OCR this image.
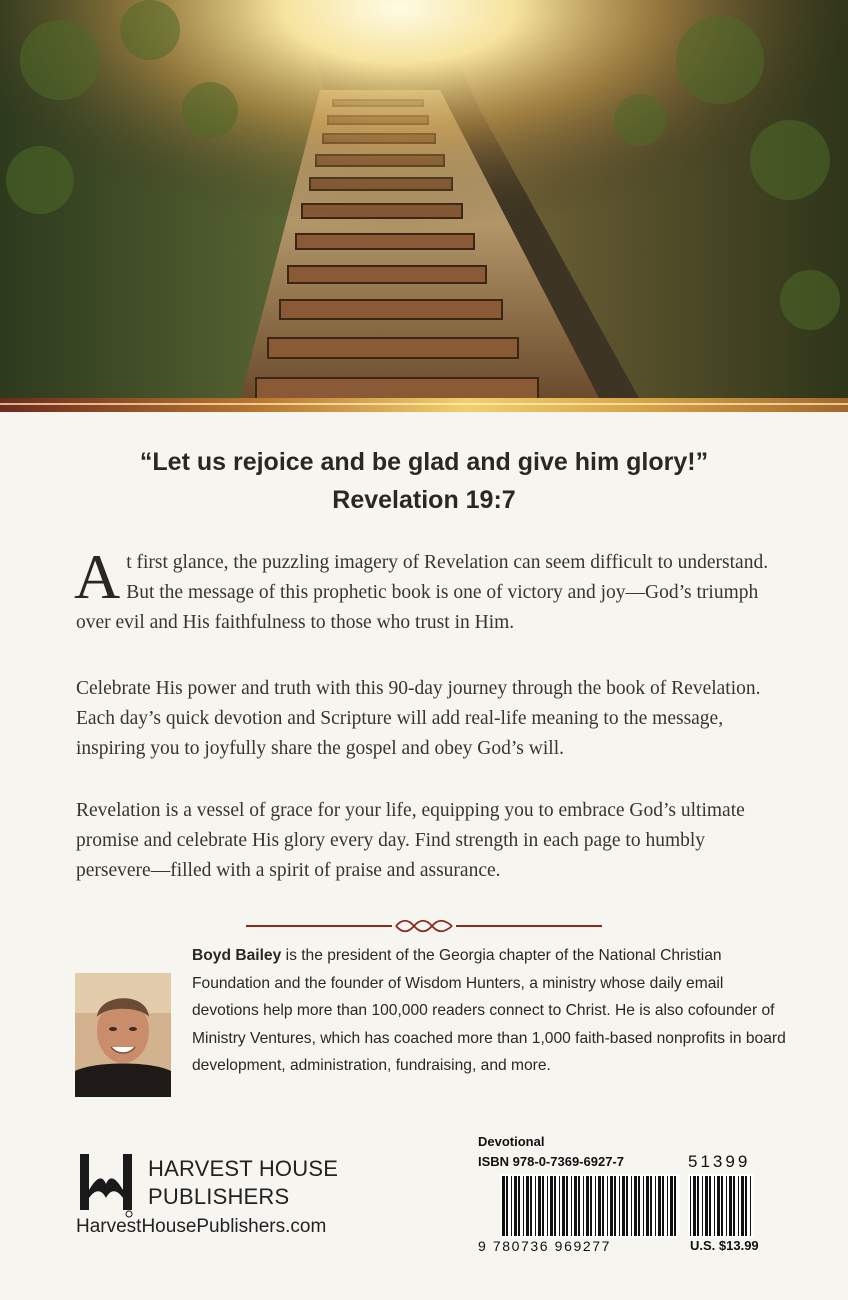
“Let us rejoice and be glad and give him glory!”
Revelation 19:7
At first glance, the puzzling imagery of Revelation can seem difficult to understand. But the message of this prophetic book is one of victory and joy—God’s triumph over evil and His faithfulness to those who trust in Him.
Celebrate His power and truth with this 90-day journey through the book of Revelation. Each day’s quick devotion and Scripture will add real-life meaning to the message, inspiring you to joyfully share the gospel and obey God’s will.
Revelation is a vessel of grace for your life, equipping you to embrace God’s ultimate promise and celebrate His glory every day. Find strength in each page to humbly persevere—filled with a spirit of praise and assurance.
Boyd Bailey is the president of the Georgia chapter of the National Christian Foundation and the founder of Wisdom Hunters, a ministry whose daily email devotions help more than 100,000 readers connect to Christ. He is also cofounder of Ministry Ventures, which has coached more than 1,000 faith-based nonprofits in board development, administration, fundraising, and more.
HARVEST HOUSE
PUBLISHERS
HarvestHousePublishers.com
Devotional
ISBN 978-0-7369-6927-7	51399
9 780736 969277	U.S. $13.99
